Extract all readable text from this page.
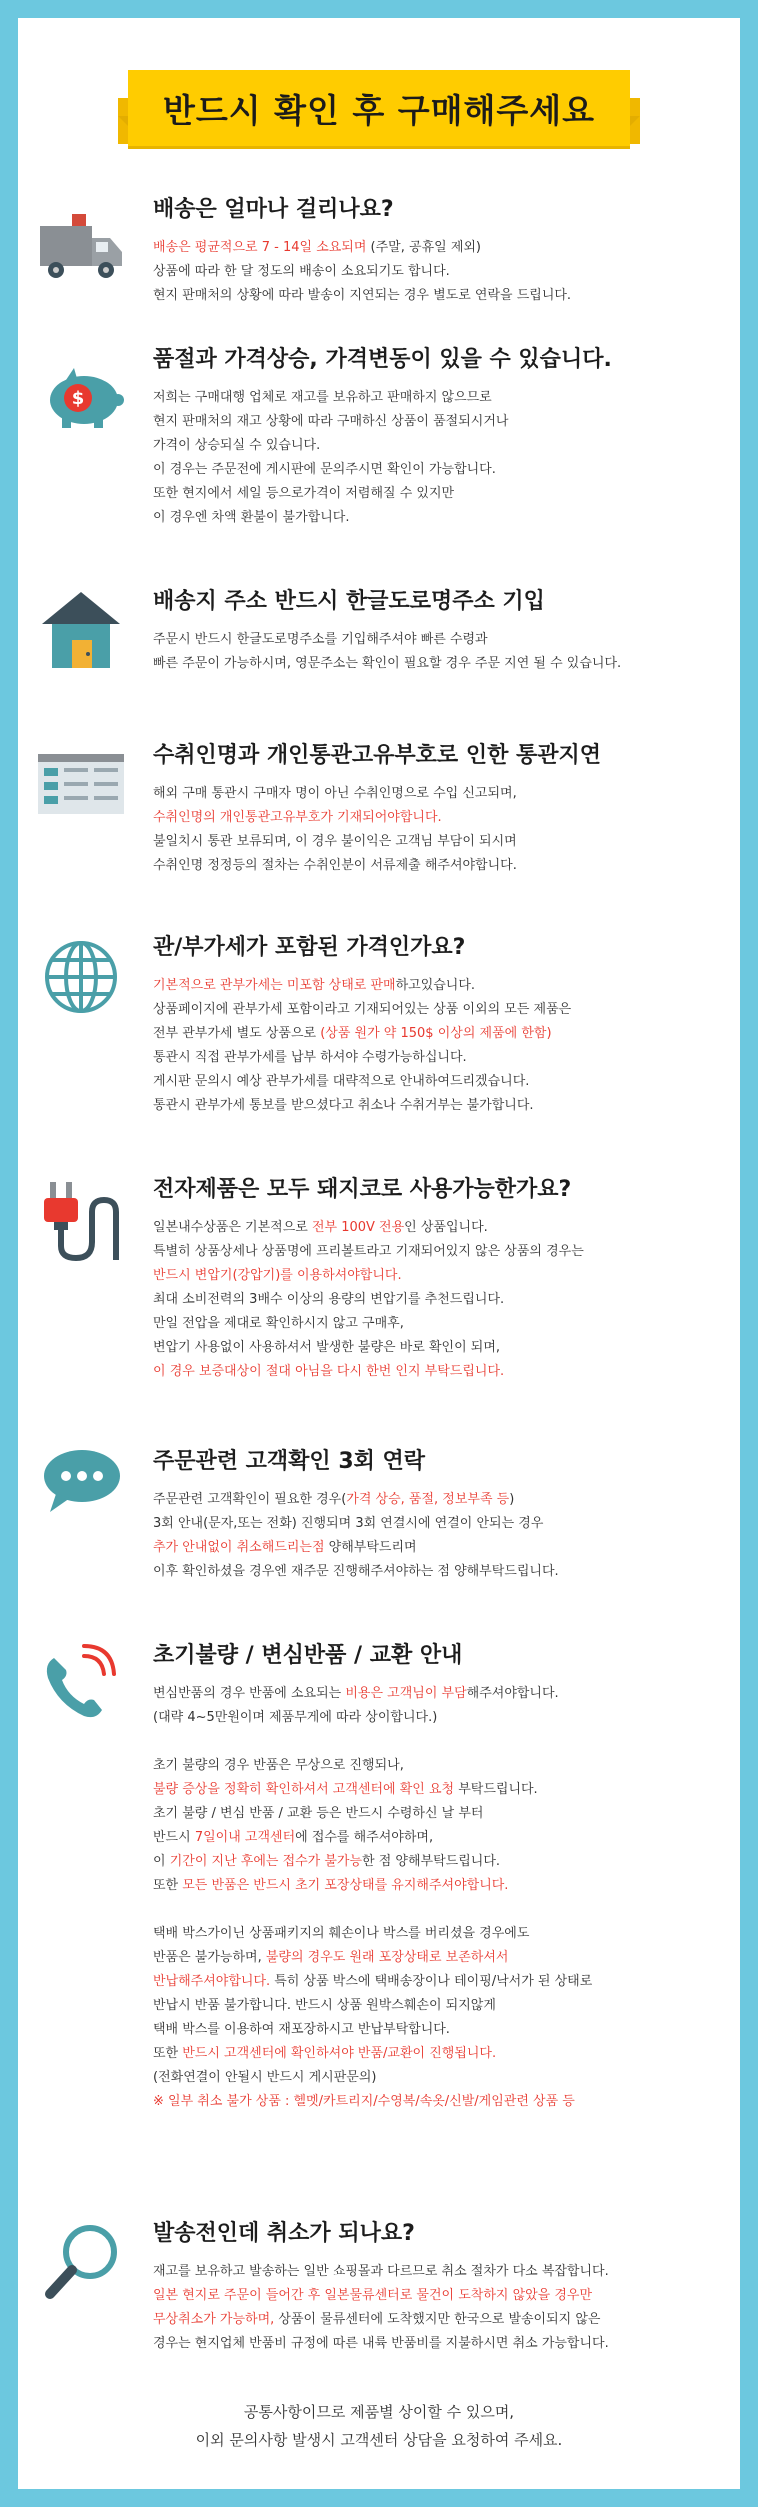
반드시 확인 후 구매해주세요
배송은 얼마나 걸리나요?

배송은 평균적으로 7 - 14일 소요되며 (주말, 공휴일 제외)

상품에 따라 한 달 정도의 배송이 소요되기도 합니다.

현지 판매처의 상황에 따라 발송이 지연되는 경우 별도로 연락을 드립니다.

$
품절과 가격상승, 가격변동이 있을 수 있습니다.

저희는 구매대행 업체로 재고를 보유하고 판매하지 않으므로

현지 판매처의 재고 상황에 따라 구매하신 상품이 품절되시거나

가격이 상승되실 수 있습니다.

이 경우는 주문전에 게시판에 문의주시면 확인이 가능합니다.

또한 현지에서 세일 등으로가격이 저렴해질 수 있지만

이 경우엔 차액 환불이 불가합니다.

배송지 주소 반드시 한글도로명주소 기입

주문시 반드시 한글도로명주소를 기입해주셔야 빠른 수령과

빠른 주문이 가능하시며, 영문주소는 확인이 필요할 경우 주문 지연 될 수 있습니다.

수취인명과 개인통관고유부호로 인한 통관지연

해외 구매 통관시 구매자 명이 아닌 수취인명으로 수입 신고되며,

수취인명의 개인통관고유부호가 기재되어야합니다.

불일치시 통관 보류되며, 이 경우 불이익은 고객님 부담이 되시며

수취인명 정정등의 절차는 수취인분이 서류제출 해주셔야합니다.

관/부가세가 포함된 가격인가요?

기본적으로 관부가세는 미포함 상태로 판매하고있습니다.

상품페이지에 관부가세 포함이라고 기재되어있는 상품 이외의 모든 제품은

전부 관부가세 별도 상품으로 (상품 원가 약 150$ 이상의 제품에 한함)

통관시 직접 관부가세를 납부 하셔야 수령가능하십니다.

게시판 문의시 예상 관부가세를 대략적으로 안내하여드리겠습니다.

통관시 관부가세 통보를 받으셨다고 취소나 수취거부는 불가합니다.

전자제품은 모두 돼지코로 사용가능한가요?

일본내수상품은 기본적으로 전부 100V 전용인 상품입니다.

특별히 상품상세나 상품명에 프리볼트라고 기재되어있지 않은 상품의 경우는

반드시 변압기(강압기)를 이용하셔야합니다.

최대 소비전력의 3배수 이상의 용량의 변압기를 추천드립니다.

만일 전압을 제대로 확인하시지 않고 구매후,

변압기 사용없이 사용하셔서 발생한 불량은 바로 확인이 되며,

이 경우 보증대상이 절대 아님을 다시 한번 인지 부탁드립니다.

주문관련 고객확인 3회 연락

주문관련 고객확인이 필요한 경우(가격 상승, 품절, 정보부족 등)

3회 안내(문자,또는 전화) 진행되며 3회 연결시에 연결이 안되는 경우

추가 안내없이 취소해드리는점 양해부탁드리며

이후 확인하셨을 경우엔 재주문 진행해주셔야하는 점 양해부탁드립니다.

초기불량 / 변심반품 / 교환 안내

변심반품의 경우 반품에 소요되는 비용은 고객님이 부담해주셔야합니다.

(대략 4~5만원이며 제품무게에 따라 상이합니다.)

초기 불량의 경우 반품은 무상으로 진행되나,

불량 증상을 정확히 확인하셔서 고객센터에 확인 요청 부탁드립니다.

초기 불량 / 변심 반품 / 교환 등은 반드시 수령하신 날 부터

반드시 7일이내 고객센터에 접수를 해주셔야하며,

이 기간이 지난 후에는 접수가 불가능한 점 양해부탁드립니다.

또한 모든 반품은 반드시 초기 포장상태를 유지해주셔야합니다.

택배 박스가이닌 상품패키지의 훼손이나 박스를 버리셨을 경우에도

반품은 불가능하며, 불량의 경우도 원래 포장상태로 보존하셔서

반납해주셔야합니다. 특히 상품 박스에 택배송장이나 테이핑/낙서가 된 상태로

반납시 반품 불가합니다. 반드시 상품 원박스훼손이 되지않게

택배 박스를 이용하여 재포장하시고 반납부탁합니다.

또한 반드시 고객센터에 확인하셔야 반품/교환이 진행됩니다.

(전화연결이 안될시 반드시 게시판문의)

※ 일부 취소 불가 상품 : 헬멧/카트리지/수영복/속옷/신발/게임관련 상품 등

발송전인데 취소가 되나요?

재고를 보유하고 발송하는 일반 쇼핑몰과 다르므로 취소 절차가 다소 복잡합니다.

일본 현지로 주문이 들어간 후 일본물류센터로 물건이 도착하지 않았을 경우만

무상취소가 가능하며, 상품이 물류센터에 도착했지만 한국으로 발송이되지 않은

경우는 현지업체 반품비 규정에 따른 내륙 반품비를 지불하시면 취소 가능합니다.

공통사항이므로 제품별 상이할 수 있으며,

이외 문의사항 발생시 고객센터 상담을 요청하여 주세요.
